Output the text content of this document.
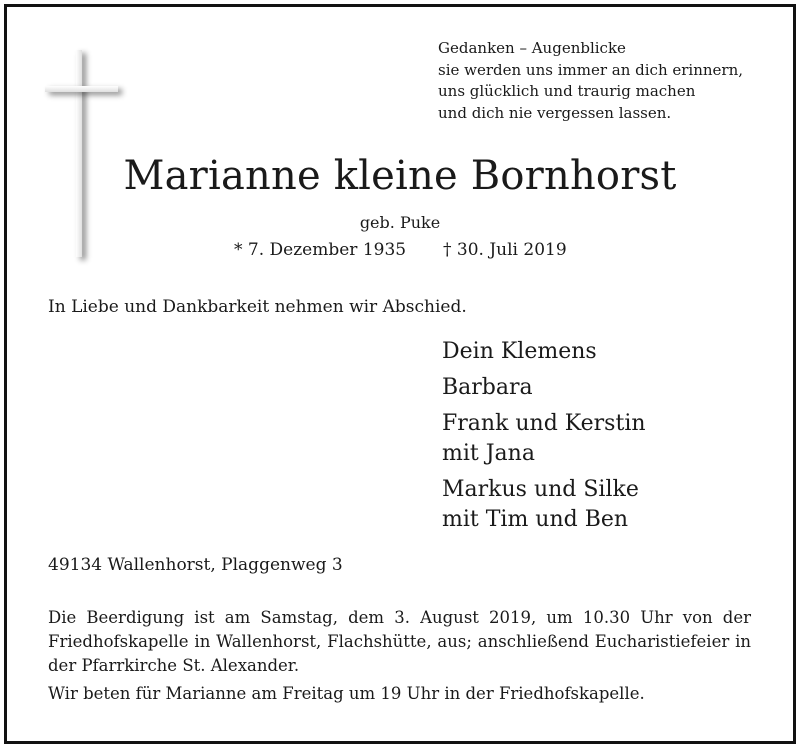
Gedanken – Augenblicke
sie werden uns immer an dich erinnern,
uns glücklich und traurig machen
und dich nie vergessen lassen.
Marianne kleine Bornhorst
geb. Puke
* 7. Dezember 1935 † 30. Juli 2019
In Liebe und Dankbarkeit nehmen wir Abschied.
Dein Klemens
Barbara
Frank und Kerstin
mit Jana
Markus und Silke
mit Tim und Ben
49134 Wallenhorst, Plaggenweg 3
Die Beerdigung ist am Samstag, dem 3. August 2019, um 10.30 Uhr von der Friedhofskapelle in Wallenhorst, Flachshütte, aus; anschließend Eucharistiefeier in der Pfarrkirche St. Alexander.
Wir beten für Marianne am Freitag um 19 Uhr in der Friedhofskapelle.
